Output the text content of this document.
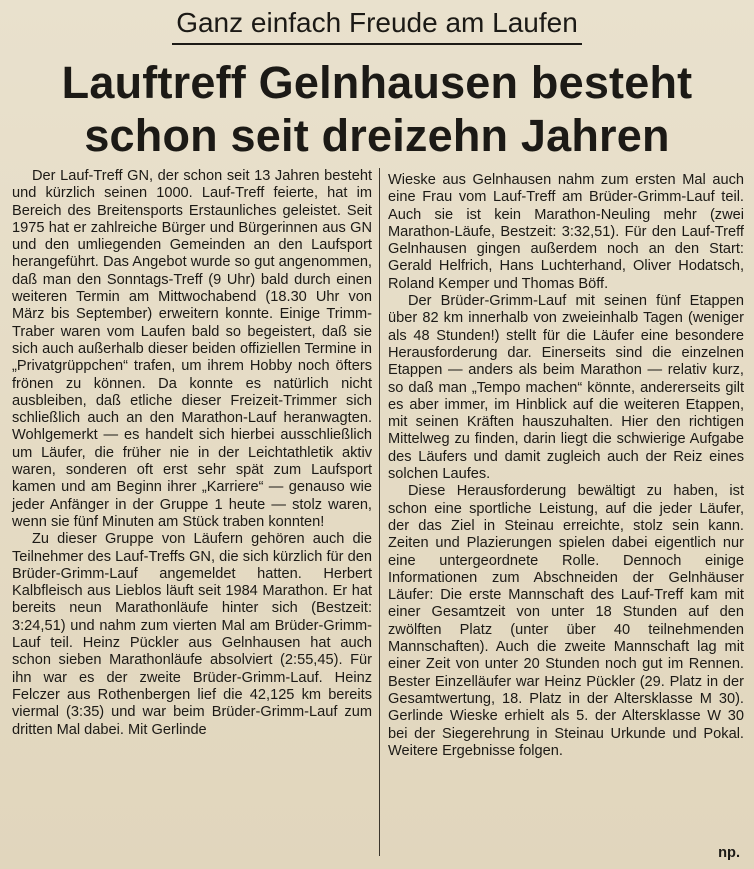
Ganz einfach Freude am Laufen
Lauftreff Gelnhausen besteht
schon seit dreizehn Jahren

Der Lauf-Treff GN, der schon seit 13 Jahren besteht und kürzlich seinen 1000. Lauf-Treff feierte, hat im Bereich des Breitensports Erstaunliches geleistet. Seit 1975 hat er zahlreiche Bürger und Bürgerinnen aus GN und den umliegenden Gemeinden an den Laufsport herangeführt. Das Angebot wurde so gut angenommen, daß man den Sonntags-Treff (9 Uhr) bald durch einen weiteren Termin am Mittwochabend (18.30 Uhr von März bis September) erweitern konnte. Einige Trimm-Traber waren vom Laufen bald so begeistert, daß sie sich auch außerhalb dieser beiden offiziellen Termine in „Privatgrüppchen“ trafen, um ihrem Hobby noch öfters frönen zu können. Da konnte es natürlich nicht ausbleiben, daß etliche dieser Freizeit-Trimmer sich schließlich auch an den Marathon-Lauf heranwagten. Wohlgemerkt — es handelt sich hierbei ausschließlich um Läufer, die früher nie in der Leichtathletik aktiv waren, sonderen oft erst sehr spät zum Laufsport kamen und am Beginn ihrer „Karriere“ — genauso wie jeder Anfänger in der Gruppe 1 heute — stolz waren, wenn sie fünf Minuten am Stück traben konnten!

Zu dieser Gruppe von Läufern gehören auch die Teilnehmer des Lauf-Treffs GN, die sich kürzlich für den Brüder-Grimm-Lauf angemeldet hatten. Herbert Kalbfleisch aus Lieblos läuft seit 1984 Marathon. Er hat bereits neun Marathonläufe hinter sich (Bestzeit: 3:24,51) und nahm zum vierten Mal am Brüder-Grimm-Lauf teil. Heinz Pückler aus Gelnhausen hat auch schon sieben Marathonläufe absolviert (2:55,45). Für ihn war es der zweite Brüder-Grimm-Lauf. Heinz Felczer aus Rothenbergen lief die 42,125 km bereits viermal (3:35) und war beim Brüder-Grimm-Lauf zum dritten Mal dabei. Mit Gerlinde

Wieske aus Gelnhausen nahm zum ersten Mal auch eine Frau vom Lauf-Treff am Brüder-Grimm-Lauf teil. Auch sie ist kein Marathon-Neuling mehr (zwei Marathon-Läufe, Bestzeit: 3:32,51). Für den Lauf-Treff Gelnhausen gingen außerdem noch an den Start: Gerald Helfrich, Hans Luchterhand, Oliver Hodatsch, Roland Kemper und Thomas Böff.

Der Brüder-Grimm-Lauf mit seinen fünf Etappen über 82 km innerhalb von zweieinhalb Tagen (weniger als 48 Stunden!) stellt für die Läufer eine besondere Herausforderung dar. Einerseits sind die einzelnen Etappen — anders als beim Marathon — relativ kurz, so daß man „Tempo machen“ könnte, andererseits gilt es aber immer, im Hinblick auf die weiteren Etappen, mit seinen Kräften hauszuhalten. Hier den richtigen Mittelweg zu finden, darin liegt die schwierige Aufgabe des Läufers und damit zugleich auch der Reiz eines solchen Laufes.

Diese Herausforderung bewältigt zu haben, ist schon eine sportliche Leistung, auf die jeder Läufer, der das Ziel in Steinau erreichte, stolz sein kann. Zeiten und Plazierungen spielen dabei eigentlich nur eine untergeordnete Rolle. Dennoch einige Informationen zum Abschneiden der Gelnhäuser Läufer: Die erste Mannschaft des Lauf-Treff kam mit einer Gesamtzeit von unter 18 Stunden auf den zwölften Platz (unter über 40 teilnehmenden Mannschaften). Auch die zweite Mannschaft lag mit einer Zeit von unter 20 Stunden noch gut im Rennen. Bester Einzelläufer war Heinz Pückler (29. Platz in der Gesamtwertung, 18. Platz in der Altersklasse M 30). Gerlinde Wieske erhielt als 5. der Altersklasse W 30 bei der Siegerehrung in Steinau Urkunde und Pokal. Weitere Ergebnisse folgen.

np.
